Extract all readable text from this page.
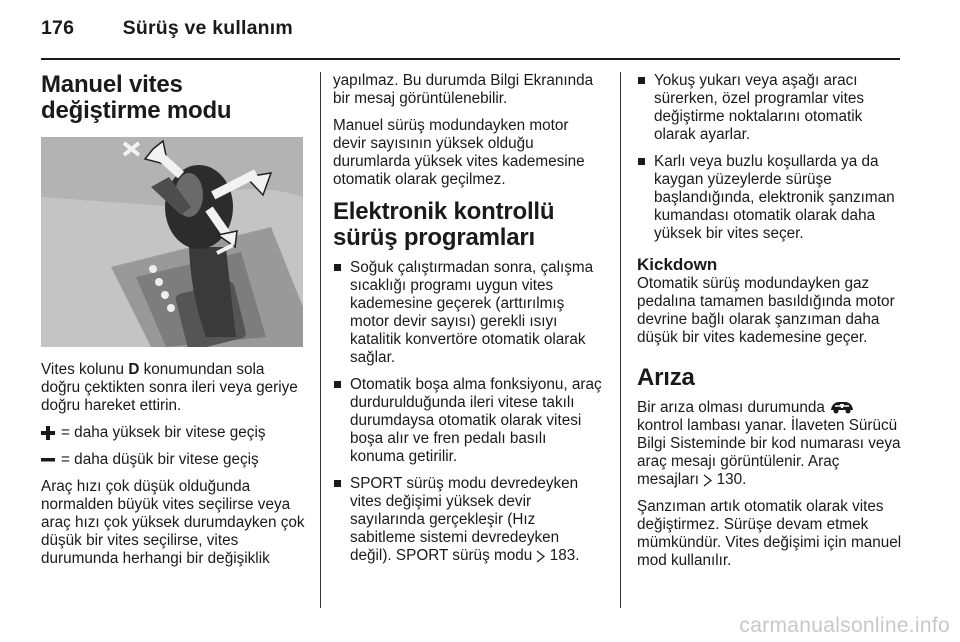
176 Sürüş ve kullanım
Manuel vites değiştirme modu

Vites kolunu D konumundan sola doğru çektikten sonra ileri veya geriye doğru hareket ettirin.

= daha yüksek bir vitese geçiş
= daha düşük bir vitese geçiş

Araç hızı çok düşük olduğunda normalden büyük vites seçilirse veya araç hızı çok yüksek durumdayken çok düşük bir vites seçilirse, vites durumunda herhangi bir değişiklik

yapılmaz. Bu durumda Bilgi Ekranında bir mesaj görüntülenebilir.

Manuel sürüş modundayken motor devir sayısının yüksek olduğu durumlarda yüksek vites kademesine otomatik olarak geçilmez.

Elektronik kontrollü sürüş programları
Soğuk çalıştırmadan sonra, çalışma sıcaklığı programı uygun vites kademesine geçerek (arttırılmış motor devir sayısı) gerekli ısıyı katalitik konvertöre otomatik olarak sağlar.
Otomatik boşa alma fonksiyonu, araç durdurulduğunda ileri vitese takılı durumdaysa otomatik olarak vitesi boşa alır ve fren pedalı basılı konuma getirilir.
SPORT sürüş modu devredeyken vites değişimi yüksek devir sayılarında gerçekleşir (Hız sabitleme sistemi devredeyken değil). SPORT sürüş modu  183.
Yokuş yukarı veya aşağı aracı sürerken, özel programlar vites değiştirme noktalarını otomatik olarak ayarlar.
Karlı veya buzlu koşullarda ya da kaygan yüzeylerde sürüşe başlandığında, elektronik şanzıman kumandası otomatik olarak daha yüksek bir vites seçer.
Kickdown

Otomatik sürüş modundayken gaz pedalına tamamen basıldığında motor devrine bağlı olarak şanzıman daha düşük bir vites kademesine geçer.

Arıza

Bir arıza olması durumunda
kontrol lambası yanar. İlaveten Sürücü Bilgi Sisteminde bir kod numarası veya araç mesajı görüntülenir. Araç mesajları  130.

Şanzıman artık otomatik olarak vites değiştirmez. Sürüşe devam etmek mümkündür. Vites değişimi için manuel mod kullanılır.

carmanualsonline.info
